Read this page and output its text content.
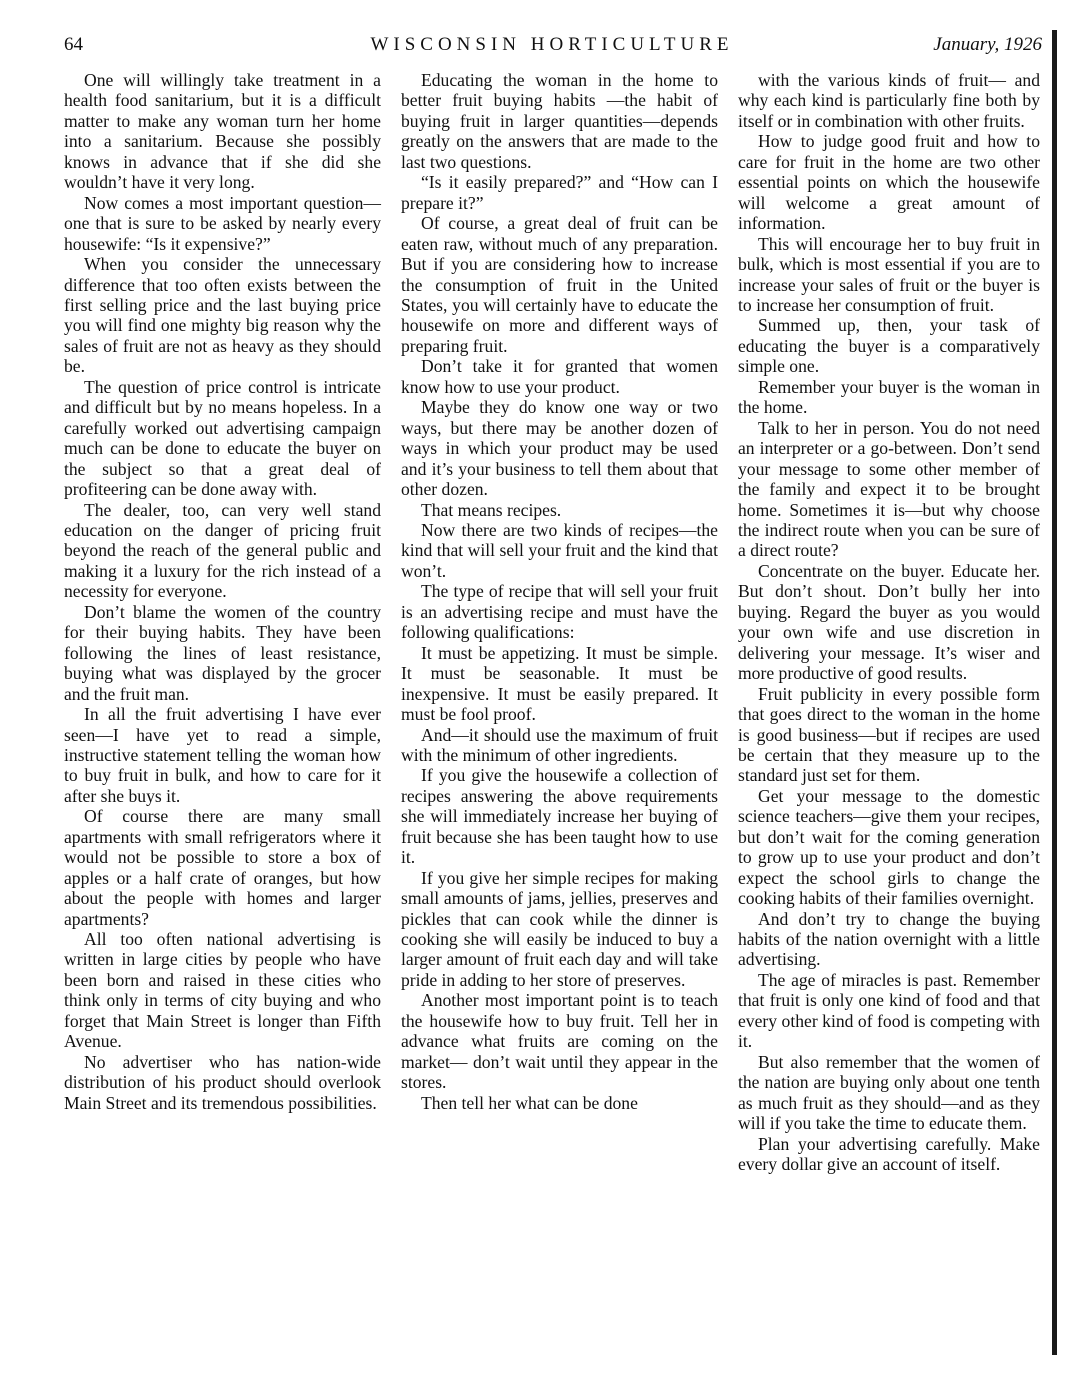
64	WISCONSIN HORTICULTURE	January, 1926

One will willingly take treatment in a health food sanitarium, but it is a difficult matter to make any woman turn her home into a sanitarium. Because she possibly knows in advance that if she did she wouldn’t have it very long.

Now comes a most important question—one that is sure to be asked by nearly every housewife: “Is it expensive?”

When you consider the unnecessary difference that too often exists between the first selling price and the last buying price you will find one mighty big reason why the sales of fruit are not as heavy as they should be.

The question of price control is intricate and difficult but by no means hopeless. In a carefully worked out advertising campaign much can be done to educate the buyer on the subject so that a great deal of profiteering can be done away with.

The dealer, too, can very well stand education on the danger of pricing fruit beyond the reach of the general public and making it a luxury for the rich instead of a necessity for everyone.

Don’t blame the women of the country for their buying habits. They have been following the lines of least resistance, buying what was displayed by the grocer and the fruit man.

In all the fruit advertising I have ever seen—I have yet to read a simple, instructive statement telling the woman how to buy fruit in bulk, and how to care for it after she buys it.

Of course there are many small apartments with small refrigerators where it would not be possible to store a box of apples or a half crate of oranges, but how about the people with homes and larger apartments?

All too often national advertising is written in large cities by people who have been born and raised in these cities who think only in terms of city buying and who forget that Main Street is longer than Fifth Avenue.

No advertiser who has nation-wide distribution of his product should overlook Main Street and its tremendous possibilities.

Educating the woman in the home to better fruit buying habits —the habit of buying fruit in larger quantities—depends greatly on the answers that are made to the last two questions.

“Is it easily prepared?” and “How can I prepare it?”

Of course, a great deal of fruit can be eaten raw, without much of any preparation. But if you are considering how to increase the consumption of fruit in the United States, you will certainly have to educate the housewife on more and different ways of preparing fruit.

Don’t take it for granted that women know how to use your product.

Maybe they do know one way or two ways, but there may be another dozen of ways in which your product may be used and it’s your business to tell them about that other dozen.

That means recipes.

Now there are two kinds of recipes—the kind that will sell your fruit and the kind that won’t.

The type of recipe that will sell your fruit is an advertising recipe and must have the following qualifications:

It must be appetizing. It must be simple. It must be seasonable. It must be inexpensive. It must be easily prepared. It must be fool proof.

And—it should use the maximum of fruit with the minimum of other ingredients.

If you give the housewife a collection of recipes answering the above requirements she will immediately increase her buying of fruit because she has been taught how to use it.

If you give her simple recipes for making small amounts of jams, jellies, preserves and pickles that can cook while the dinner is cooking she will easily be induced to buy a larger amount of fruit each day and will take pride in adding to her store of preserves.

Another most important point is to teach the housewife how to buy fruit. Tell her in advance what fruits are coming on the market— don’t wait until they appear in the stores.

Then tell her what can be done

with the various kinds of fruit— and why each kind is particularly fine both by itself or in combination with other fruits.

How to judge good fruit and how to care for fruit in the home are two other essential points on which the housewife will welcome a great amount of information.

This will encourage her to buy fruit in bulk, which is most essential if you are to increase your sales of fruit or the buyer is to increase her consumption of fruit.

Summed up, then, your task of educating the buyer is a comparatively simple one.

Remember your buyer is the woman in the home.

Talk to her in person. You do not need an interpreter or a go-between. Don’t send your message to some other member of the family and expect it to be brought home. Sometimes it is—but why choose the indirect route when you can be sure of a direct route?

Concentrate on the buyer. Educate her. But don’t shout. Don’t bully her into buying. Regard the buyer as you would your own wife and use discretion in delivering your message. It’s wiser and more productive of good results.

Fruit publicity in every possible form that goes direct to the woman in the home is good business—but if recipes are used be certain that they measure up to the standard just set for them.

Get your message to the domestic science teachers—give them your recipes, but don’t wait for the coming generation to grow up to use your product and don’t expect the school girls to change the cooking habits of their families overnight.

And don’t try to change the buying habits of the nation overnight with a little advertising.

The age of miracles is past. Remember that fruit is only one kind of food and that every other kind of food is competing with it.

But also remember that the women of the nation are buying only about one tenth as much fruit as they should—and as they will if you take the time to educate them.

Plan your advertising carefully. Make every dollar give an account of itself.
